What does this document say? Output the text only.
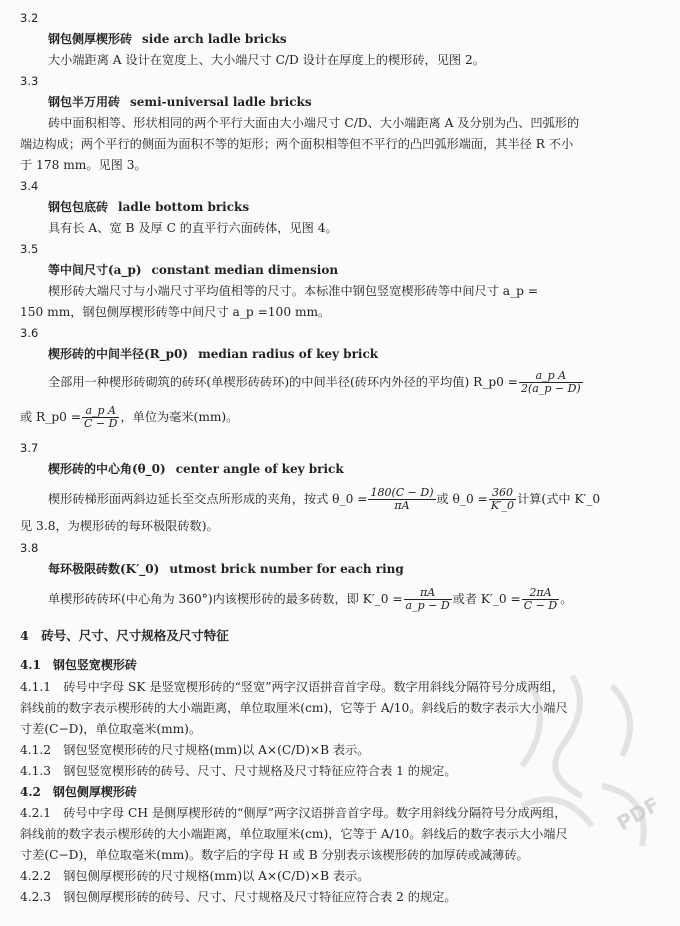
3.2
钢包侧厚楔形砖 side arch ladle bricks
大小端距离 A 设计在宽度上、大小端尺寸 C/D 设计在厚度上的楔形砖，见图 2。
3.3
钢包半万用砖 semi-universal ladle bricks
砖中面积相等、形状相同的两个平行大面由大小端尺寸 C/D、大小端距离 A 及分别为凸、凹弧形的
端边构成；两个平行的侧面为面积不等的矩形；两个面积相等但不平行的凸凹弧形端面，其半径 R 不小
于 178 mm。见图 3。
3.4
钢包包底砖 ladle bottom bricks
具有长 A、宽 B 及厚 C 的直平行六面砖体，见图 4。
3.5
等中间尺寸(a_p) constant median dimension
楔形砖大端尺寸与小端尺寸平均值相等的尺寸。本标准中钢包竖宽楔形砖等中间尺寸 a_p =
150 mm，钢包侧厚楔形砖等中间尺寸 a_p =100 mm。
3.6
楔形砖的中间半径(R_p0) median radius of key brick
全部用一种楔形砖砌筑的砖环(单楔形砖砖环)的中间半径(砖环内外径的平均值) R_p0 = $\frac{\text{a\_p A}}{2(a\_p - D)}$
或 R_p0 = $\frac{\text{a\_p A}}{C - D}$ ，单位为毫米(mm)。
3.7
楔形砖的中心角(θ_0) center angle of key brick
楔形砖梯形面两斜边延长至交点所形成的夹角，按式 θ_0 = $\frac{180(C - D)}{\pi A}$ 或 θ_0 = $\frac{360}{K'\_0}$ 计算(式中 K′_0
见 3.8，为楔形砖的每环极限砖数)。
3.8
每环极限砖数(K′_0) utmost brick number for each ring
单楔形砖砖环(中心角为 360°)内该楔形砖的最多砖数，即 K′_0 = $\frac{\pi A}{a\_p - D}$ 或者 K′_0 = $\frac{2\pi A}{C - D}$ 。
4　砖号、尺寸、尺寸规格及尺寸特征
4.1　钢包竖宽楔形砖
4.1.1　砖号中字母 SK 是竖宽楔形砖的“竖宽”两字汉语拼音首字母。数字用斜线分隔符号分成两组，
斜线前的数字表示楔形砖的大小端距离，单位取厘米(cm)，它等于 A/10。斜线后的数字表示大小端尺
寸差(C−D)，单位取毫米(mm)。
4.1.2　钢包竖宽楔形砖的尺寸规格(mm)以 A×(C/D)×B 表示。
4.1.3　钢包竖宽楔形砖的砖号、尺寸、尺寸规格及尺寸特征应符合表 1 的规定。
4.2　钢包侧厚楔形砖
4.2.1　砖号中字母 CH 是侧厚楔形砖的“侧厚”两字汉语拼音首字母。数字用斜线分隔符号分成两组，
斜线前的数字表示楔形砖的大小端距离，单位取厘米(cm)，它等于 A/10。斜线后的数字表示大小端尺
寸差(C−D)，单位取毫米(mm)。数字后的字母 H 或 B 分别表示该楔形砖的加厚砖或减薄砖。
4.2.2　钢包侧厚楔形砖的尺寸规格(mm)以 A×(C/D)×B 表示。
4.2.3　钢包侧厚楔形砖的砖号、尺寸、尺寸规格及尺寸特征应符合表 2 的规定。
PDF
